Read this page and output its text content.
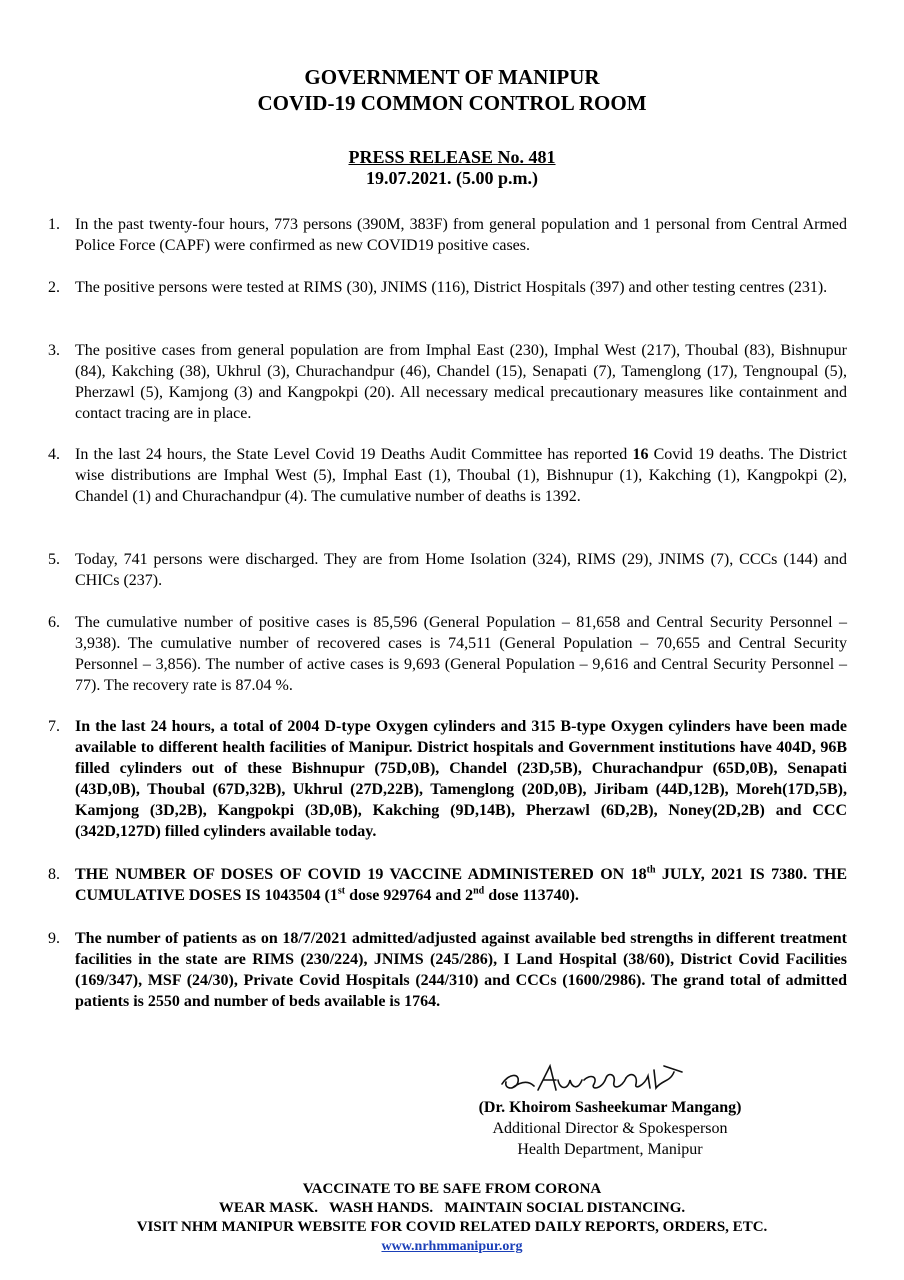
GOVERNMENT OF MANIPUR

COVID-19 COMMON CONTROL ROOM

PRESS RELEASE No. 481

19.07.2021. (5.00 p.m.)

1. In the past twenty-four hours, 773 persons (390M, 383F) from general population and 1 personal from Central Armed Police Force (CAPF) were confirmed as new COVID19 positive cases.

2. The positive persons were tested at RIMS (30), JNIMS (116), District Hospitals (397) and other testing centres (231).

3. The positive cases from general population are from Imphal East (230), Imphal West (217), Thoubal (83), Bishnupur (84), Kakching (38), Ukhrul (3), Churachandpur (46), Chandel (15), Senapati (7), Tamenglong (17), Tengnoupal (5), Pherzawl (5), Kamjong (3) and Kangpokpi (20). All necessary medical precautionary measures like containment and contact tracing are in place.

4. In the last 24 hours, the State Level Covid 19 Deaths Audit Committee has reported 16 Covid 19 deaths. The District wise distributions are Imphal West (5), Imphal East (1), Thoubal (1), Bishnupur (1), Kakching (1), Kangpokpi (2), Chandel (1) and Churachandpur (4). The cumulative number of deaths is 1392.

5. Today, 741 persons were discharged. They are from Home Isolation (324), RIMS (29), JNIMS (7), CCCs (144) and CHICs (237).

6. The cumulative number of positive cases is 85,596 (General Population – 81,658 and Central Security Personnel – 3,938). The cumulative number of recovered cases is 74,511 (General Population – 70,655 and Central Security Personnel – 3,856). The number of active cases is 9,693 (General Population – 9,616 and Central Security Personnel – 77). The recovery rate is 87.04 %.

7. In the last 24 hours, a total of 2004 D-type Oxygen cylinders and 315 B-type Oxygen cylinders have been made available to different health facilities of Manipur. District hospitals and Government institutions have 404D, 96B filled cylinders out of these Bishnupur (75D,0B), Chandel (23D,5B), Churachandpur (65D,0B), Senapati (43D,0B), Thoubal (67D,32B), Ukhrul (27D,22B), Tamenglong (20D,0B), Jiribam (44D,12B), Moreh(17D,5B), Kamjong (3D,2B), Kangpokpi (3D,0B), Kakching (9D,14B), Pherzawl (6D,2B), Noney(2D,2B) and CCC (342D,127D) filled cylinders available today.

8. THE NUMBER OF DOSES OF COVID 19 VACCINE ADMINISTERED ON 18th JULY, 2021 IS 7380. THE CUMULATIVE DOSES IS 1043504 (1st dose 929764 and 2nd dose 113740).

9. The number of patients as on 18/7/2021 admitted/adjusted against available bed strengths in different treatment facilities in the state are RIMS (230/224), JNIMS (245/286), I Land Hospital (38/60), District Covid Facilities (169/347), MSF (24/30), Private Covid Hospitals (244/310) and CCCs (1600/2986). The grand total of admitted patients is 2550 and number of beds available is 1764.

(Dr. Khoirom Sasheekumar Mangang)
Additional Director & Spokesperson
Health Department, Manipur

VACCINATE TO BE SAFE FROM CORONA

WEAR MASK.   WASH HANDS.   MAINTAIN SOCIAL DISTANCING.

VISIT NHM MANIPUR WEBSITE FOR COVID RELATED DAILY REPORTS, ORDERS, ETC.

www.nrhmmanipur.org
